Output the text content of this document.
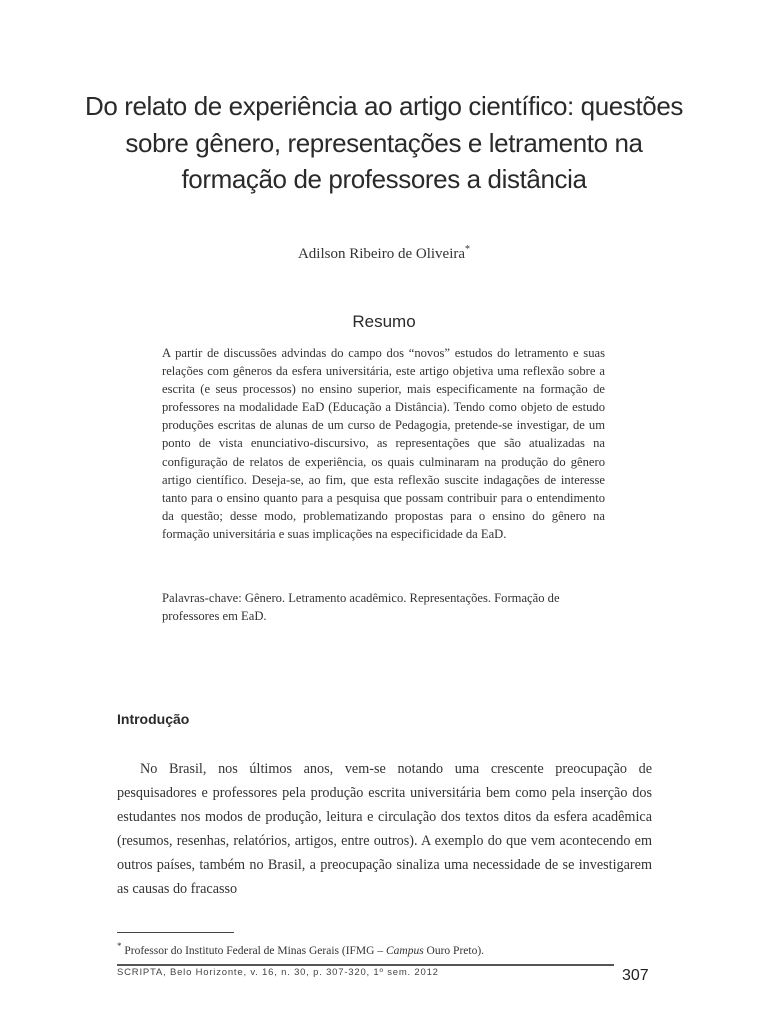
Do relato de experiência ao artigo científico: questões sobre gênero, representações e letramento na formação de professores a distância
Adilson Ribeiro de Oliveira*
Resumo
A partir de discussões advindas do campo dos “novos” estudos do letramento e suas relações com gêneros da esfera universitária, este artigo objetiva uma reflexão sobre a escrita (e seus processos) no ensino superior, mais especificamente na formação de professores na modalidade EaD (Educação a Distância). Tendo como objeto de estudo produções escritas de alunas de um curso de Pedagogia, pretende-se investigar, de um ponto de vista enunciativo-discursivo, as representações que são atualizadas na configuração de relatos de experiência, os quais culminaram na produção do gênero artigo científico. Deseja-se, ao fim, que esta reflexão suscite indagações de interesse tanto para o ensino quanto para a pesquisa que possam contribuir para o entendimento da questão; desse modo, problematizando propostas para o ensino do gênero na formação universitária e suas implicações na especificidade da EaD.
Palavras-chave: Gênero. Letramento acadêmico. Representações. Formação de professores em EaD.
Introdução
No Brasil, nos últimos anos, vem-se notando uma crescente preocupação de pesquisadores e professores pela produção escrita universitária bem como pela inserção dos estudantes nos modos de produção, leitura e circulação dos textos ditos da esfera acadêmica (resumos, resenhas, relatórios, artigos, entre outros). A exemplo do que vem acontecendo em outros países, também no Brasil, a preocupação sinaliza uma necessidade de se investigarem as causas do fracasso
* Professor do Instituto Federal de Minas Gerais (IFMG – Campus Ouro Preto).
SCRIPTA, Belo Horizonte, v. 16, n. 30, p. 307-320, 1º sem. 2012	307
